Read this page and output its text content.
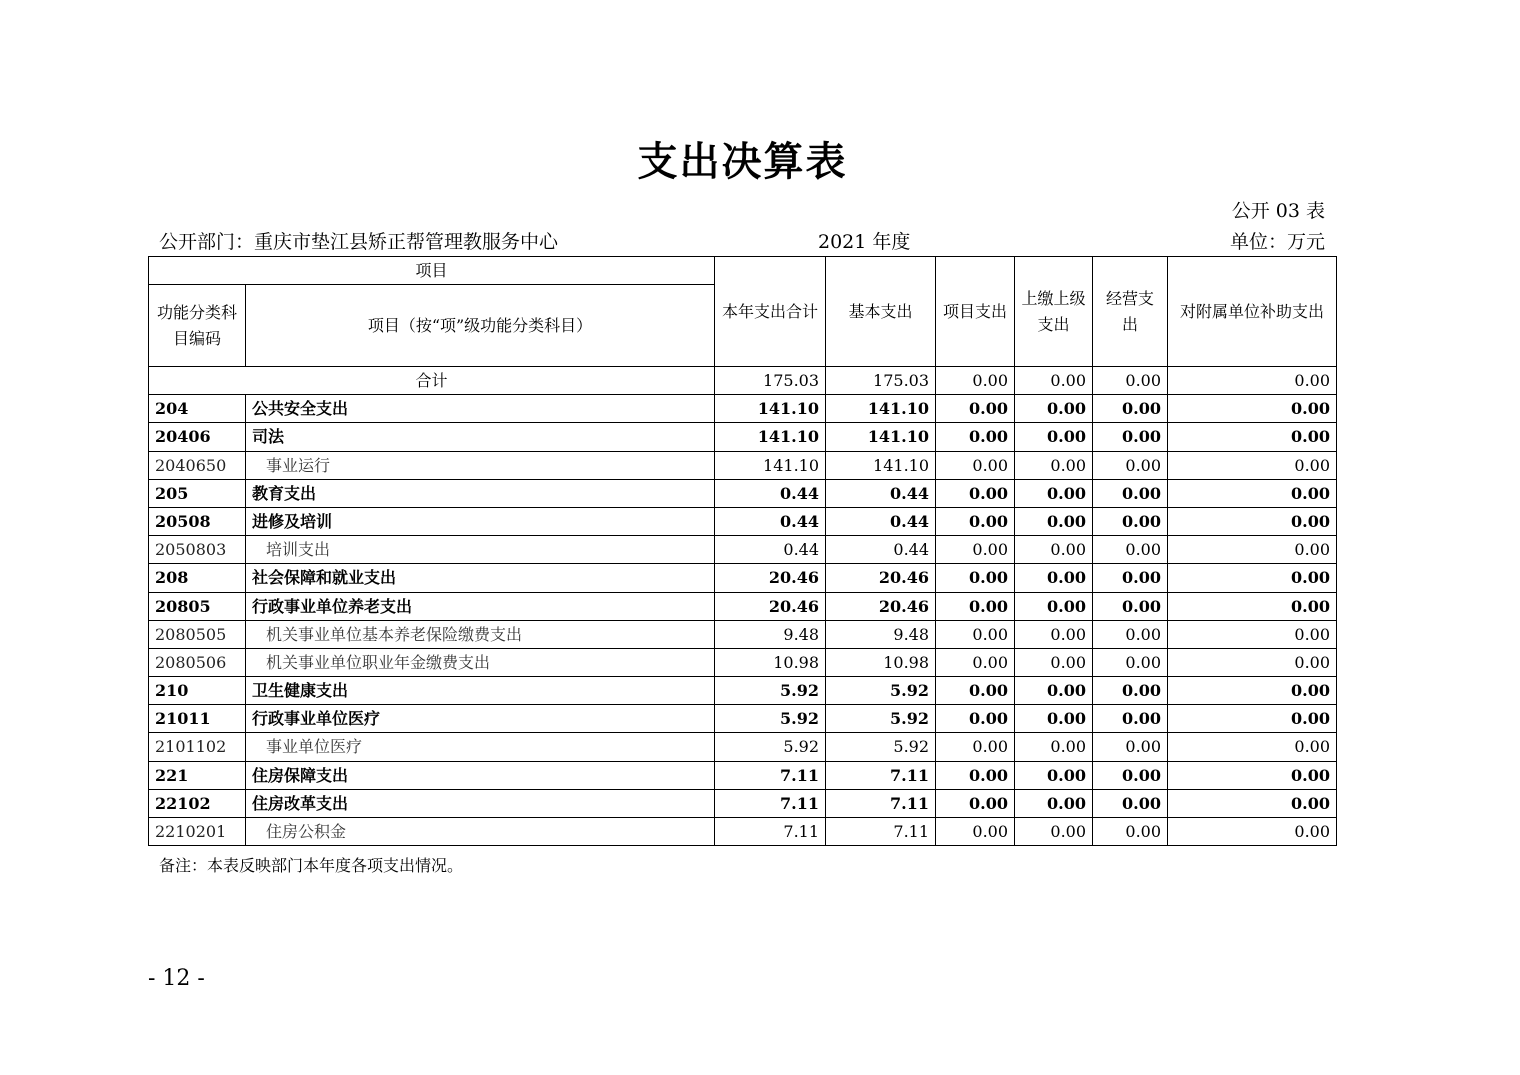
支出决算表
公开 03 表
公开部门：重庆市垫江县矫正帮管理教服务中心	2021 年度	单位：万元
项目		本年支出合计	基本支出	项目支出	上缴上级支出	经营支出	对附属单位补助支出
功能分类科目编码	项目（按“项”级功能分类科目）						
合计		175.03	175.03	0.00	0.00	0.00	0.00
204	公共安全支出	141.10	141.10	0.00	0.00	0.00	0.00
20406	司法	141.10	141.10	0.00	0.00	0.00	0.00
2040650	事业运行	141.10	141.10	0.00	0.00	0.00	0.00
205	教育支出	0.44	0.44	0.00	0.00	0.00	0.00
20508	进修及培训	0.44	0.44	0.00	0.00	0.00	0.00
2050803	培训支出	0.44	0.44	0.00	0.00	0.00	0.00
208	社会保障和就业支出	20.46	20.46	0.00	0.00	0.00	0.00
20805	行政事业单位养老支出	20.46	20.46	0.00	0.00	0.00	0.00
2080505	机关事业单位基本养老保险缴费支出	9.48	9.48	0.00	0.00	0.00	0.00
2080506	机关事业单位职业年金缴费支出	10.98	10.98	0.00	0.00	0.00	0.00
210	卫生健康支出	5.92	5.92	0.00	0.00	0.00	0.00
21011	行政事业单位医疗	5.92	5.92	0.00	0.00	0.00	0.00
2101102	事业单位医疗	5.92	5.92	0.00	0.00	0.00	0.00
221	住房保障支出	7.11	7.11	0.00	0.00	0.00	0.00
22102	住房改革支出	7.11	7.11	0.00	0.00	0.00	0.00
2210201	住房公积金	7.11	7.11	0.00	0.00	0.00	0.00
备注：本表反映部门本年度各项支出情况。
- 12 -
